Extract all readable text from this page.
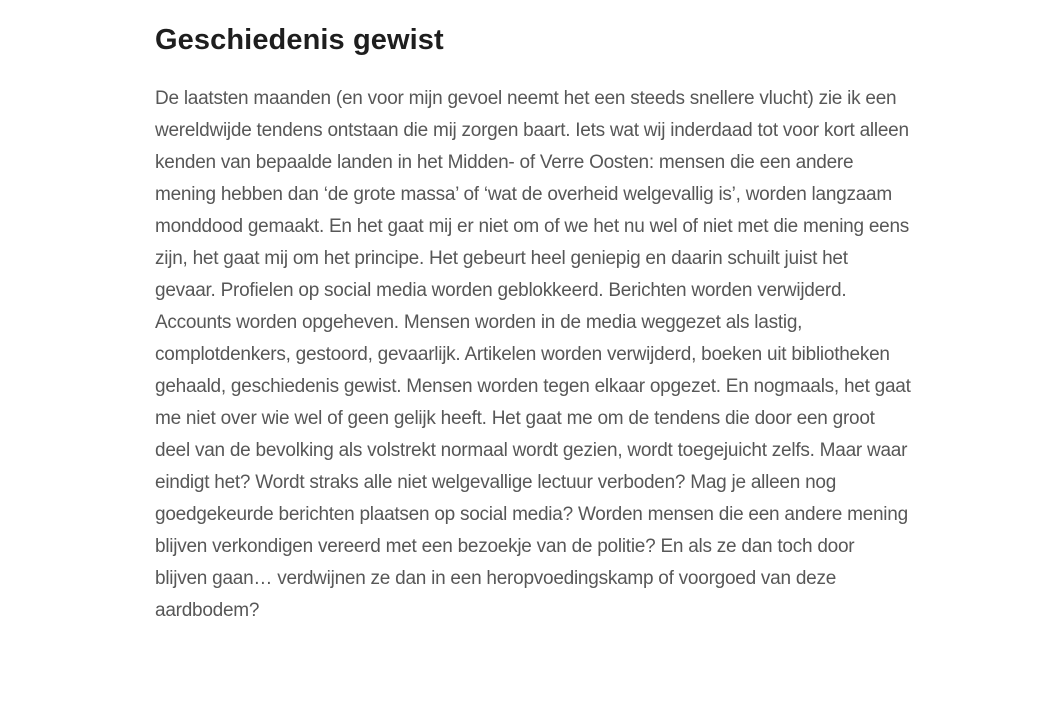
Geschiedenis gewist

De laatsten maanden (en voor mijn gevoel neemt het een steeds snellere vlucht) zie ik een wereldwijde tendens ontstaan die mij zorgen baart. Iets wat wij inderdaad tot voor kort alleen kenden van bepaalde landen in het Midden- of Verre Oosten: mensen die een andere mening hebben dan ‘de grote massa’ of ‘wat de overheid welgevallig is’, worden langzaam monddood gemaakt. En het gaat mij er niet om of we het nu wel of niet met die mening eens zijn, het gaat mij om het principe. Het gebeurt heel geniepig en daarin schuilt juist het gevaar. Profielen op social media worden geblokkeerd. Berichten worden verwijderd. Accounts worden opgeheven. Mensen worden in de media weggezet als lastig, complotdenkers, gestoord, gevaarlijk. Artikelen worden verwijderd, boeken uit bibliotheken gehaald, geschiedenis gewist. Mensen worden tegen elkaar opgezet. En nogmaals, het gaat me niet over wie wel of geen gelijk heeft. Het gaat me om de tendens die door een groot deel van de bevolking als volstrekt normaal wordt gezien, wordt toegejuicht zelfs. Maar waar eindigt het? Wordt straks alle niet welgevallige lectuur verboden? Mag je alleen nog goedgekeurde berichten plaatsen op social media? Worden mensen die een andere mening blijven verkondigen vereerd met een bezoekje van de politie? En als ze dan toch door blijven gaan… verdwijnen ze dan in een heropvoedingskamp of voorgoed van deze aardbodem?
